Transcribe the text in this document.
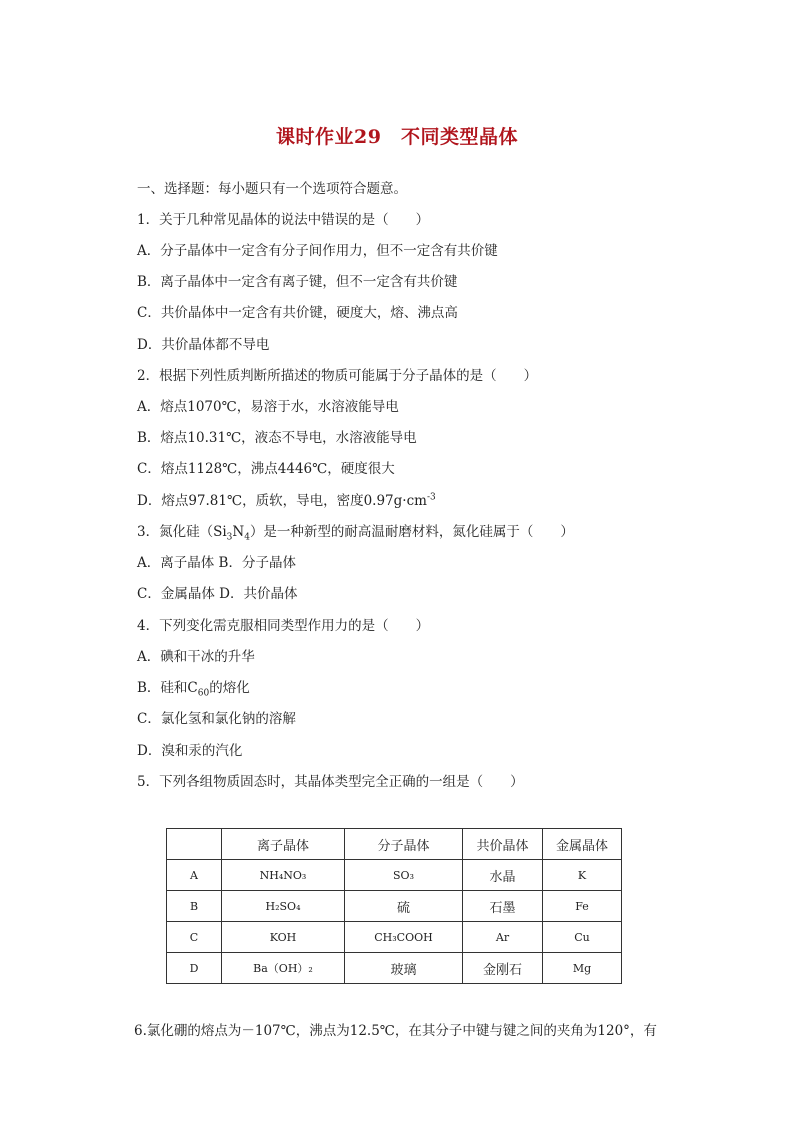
课时作业29　不同类型晶体
一、选择题：每小题只有一个选项符合题意。
1．关于几种常见晶体的说法中错误的是（　　）
A．分子晶体中一定含有分子间作用力，但不一定含有共价键
B．离子晶体中一定含有离子键，但不一定含有共价键
C．共价晶体中一定含有共价键，硬度大，熔、沸点高
D．共价晶体都不导电
2．根据下列性质判断所描述的物质可能属于分子晶体的是（　　）
A．熔点1070℃，易溶于水，水溶液能导电
B．熔点10.31℃，液态不导电，水溶液能导电
C．熔点1128℃，沸点4446℃，硬度很大
D．熔点97.81℃，质软，导电，密度$0.97g\cdot cm^{-3}$
3．氮化硅$(Si_3N_4)$是一种新型的耐高温耐磨材料，氮化硅属于（　　）
A．离子晶体 B．分子晶体
C．金属晶体 D．共价晶体
4．下列变化需克服相同类型作用力的是（　　）
A．碘和干冰的升华
B．硅和$C_{60}$的熔化
C．氯化氢和氯化钠的溶解
D．溴和汞的汽化
5．下列各组物质固态时，其晶体类型完全正确的一组是（　　）
	离子晶体	分子晶体	共价晶体	金属晶体
A	NH₄NO₃	SO₃	水晶	K
B	H₂SO₄	硫	石墨	Fe
C	KOH	CH₃COOH	Ar	Cu
D	Ba（OH）₂	玻璃	金刚石	Mg
6.氯化硼的熔点为－107℃，沸点为12.5℃，在其分子中键与键之间的夹角为120°，有
